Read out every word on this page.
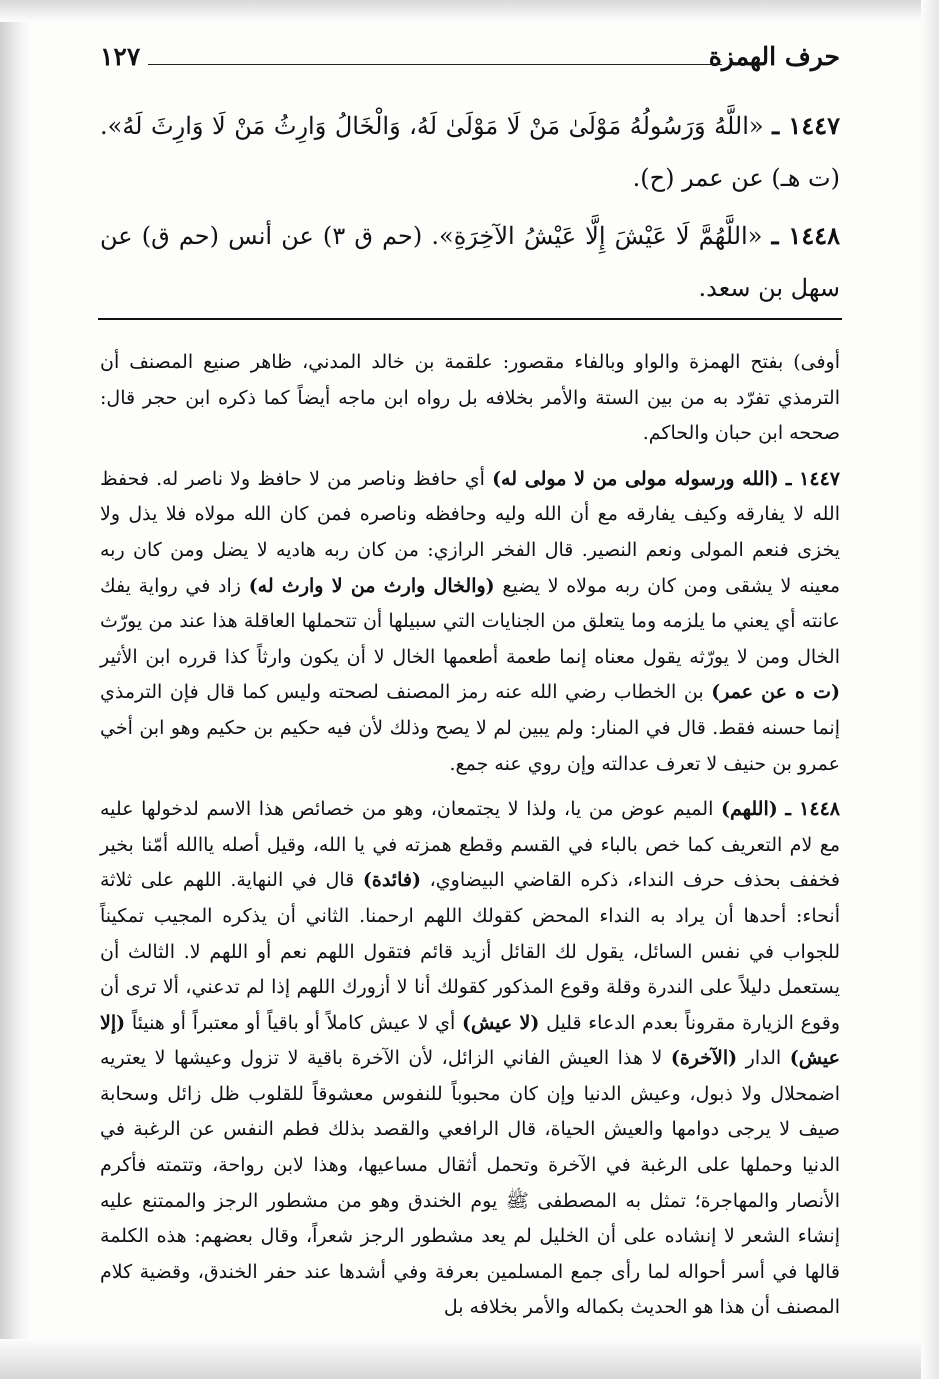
حرف الهمزة
١٢٧

١٤٤٧ ـ «اللَّهُ وَرَسُولُهُ مَوْلَىٰ مَنْ لَا مَوْلَىٰ لَهُ، وَالْخَالُ وَارِثُ مَنْ لَا وَارِثَ لَهُ». (ت هـ) عن عمر (ح).

١٤٤٨ ـ «اللَّهُمَّ لَا عَيْشَ إِلَّا عَيْشُ الآخِرَةِ». (حم ق ٣) عن أنس (حم ق) عن سهل بن سعد.

أوفى) بفتح الهمزة والواو وبالفاء مقصور: علقمة بن خالد المدني، ظاهر صنيع المصنف أن الترمذي تفرّد به من بين الستة والأمر بخلافه بل رواه ابن ماجه أيضاً كما ذكره ابن حجر قال: صححه ابن حبان والحاكم.

١٤٤٧ ـ (الله ورسوله مولى من لا مولى له) أي حافظ وناصر من لا حافظ ولا ناصر له. فحفظ الله لا يفارقه وكيف يفارقه مع أن الله وليه وحافظه وناصره فمن كان الله مولاه فلا يذل ولا يخزى فنعم المولى ونعم النصير. قال الفخر الرازي: من كان ربه هاديه لا يضل ومن كان ربه معينه لا يشقى ومن كان ربه مولاه لا يضيع (والخال وارث من لا وارث له) زاد في رواية يفك عانته أي يعني ما يلزمه وما يتعلق من الجنايات التي سبيلها أن تتحملها العاقلة هذا عند من يورّث الخال ومن لا يورّثه يقول معناه إنما طعمة أطعمها الخال لا أن يكون وارثاً كذا قرره ابن الأثير (ت ه عن عمر) بن الخطاب رضي الله عنه رمز المصنف لصحته وليس كما قال فإن الترمذي إنما حسنه فقط. قال في المنار: ولم يبين لم لا يصح وذلك لأن فيه حكيم بن حكيم وهو ابن أخي عمرو بن حنيف لا تعرف عدالته وإن روي عنه جمع.

١٤٤٨ ـ (اللهم) الميم عوض من يا، ولذا لا يجتمعان، وهو من خصائص هذا الاسم لدخولها عليه مع لام التعريف كما خص بالباء في القسم وقطع همزته في يا الله، وقيل أصله ياالله أمّنا بخير فخفف بحذف حرف النداء، ذكره القاضي البيضاوي، (فائدة) قال في النهاية. اللهم على ثلاثة أنحاء: أحدها أن يراد به النداء المحض كقولك اللهم ارحمنا. الثاني أن يذكره المجيب تمكيناً للجواب في نفس السائل، يقول لك القائل أزيد قائم فتقول اللهم نعم أو اللهم لا. الثالث أن يستعمل دليلاً على الندرة وقلة وقوع المذكور كقولك أنا لا أزورك اللهم إذا لم تدعني، ألا ترى أن وقوع الزيارة مقروناً بعدم الدعاء قليل (لا عيش) أي لا عيش كاملاً أو باقياً أو معتبراً أو هنيئاً (إلا عيش) الدار (الآخرة) لا هذا العيش الفاني الزائل، لأن الآخرة باقية لا تزول وعيشها لا يعتريه اضمحلال ولا ذبول، وعيش الدنيا وإن كان محبوباً للنفوس معشوقاً للقلوب ظل زائل وسحابة صيف لا يرجى دوامها والعيش الحياة، قال الرافعي والقصد بذلك فطم النفس عن الرغبة في الدنيا وحملها على الرغبة في الآخرة وتحمل أثقال مساعيها، وهذا لابن رواحة، وتتمته فأكرم الأنصار والمهاجرة؛ تمثل به المصطفى ﷺ يوم الخندق وهو من مشطور الرجز والممتنع عليه إنشاء الشعر لا إنشاده على أن الخليل لم يعد مشطور الرجز شعراً، وقال بعضهم: هذه الكلمة قالها في أسر أحواله لما رأى جمع المسلمين بعرفة وفي أشدها عند حفر الخندق، وقضية كلام المصنف أن هذا هو الحديث بكماله والأمر بخلافه بل
